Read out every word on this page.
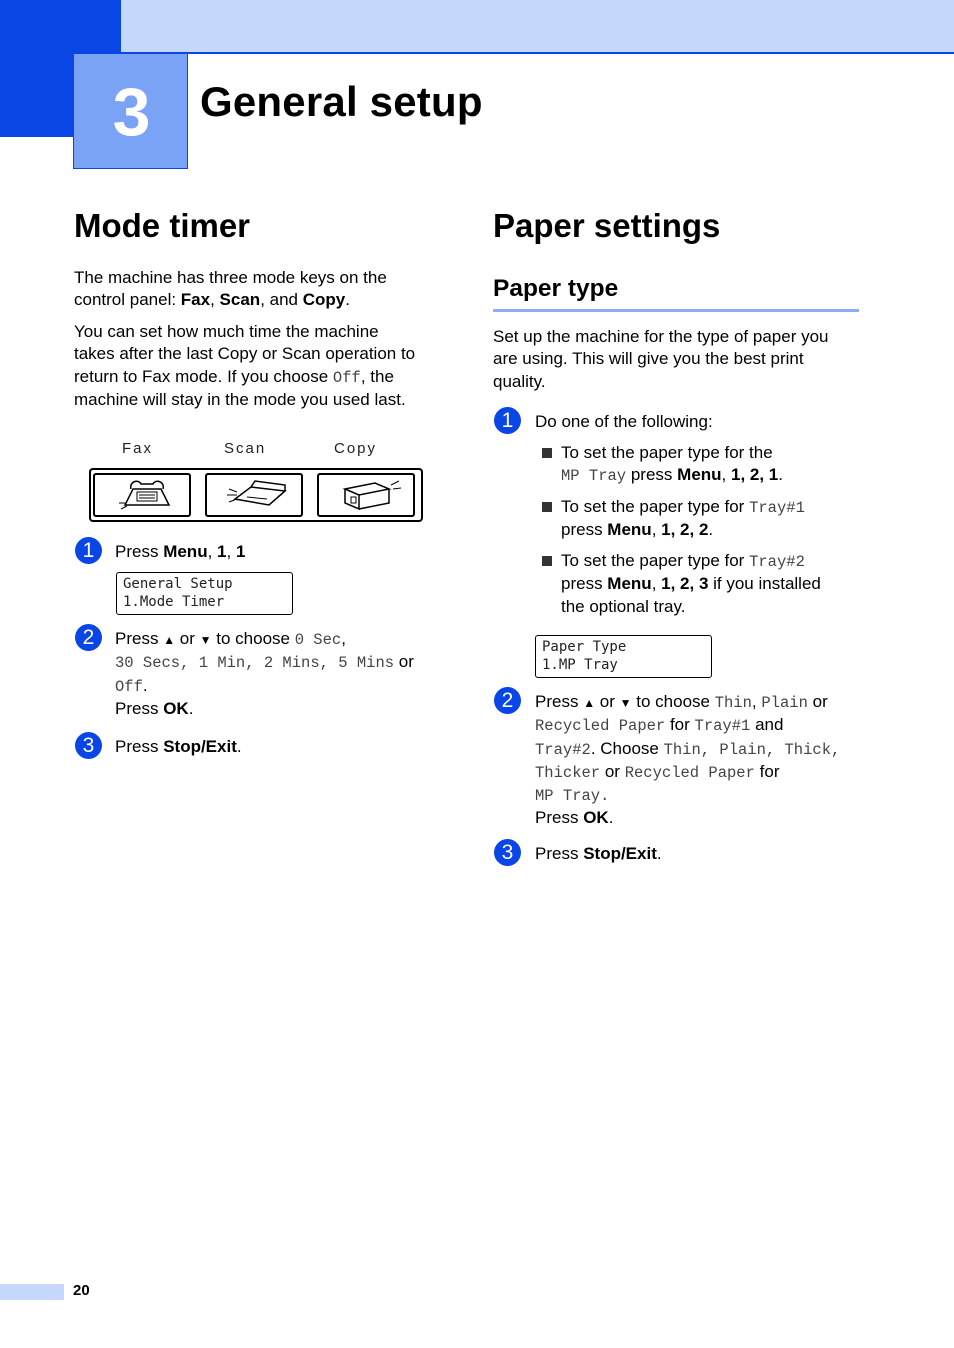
3	General setup
Mode timer
The machine has three mode keys on the
control panel: Fax, Scan, and Copy.
You can set how much time the machine
takes after the last Copy or Scan operation to
return to Fax mode. If you choose Off, the
machine will stay in the mode you used last.
Fax	Scan	Copy
1	Press Menu, 1, 1
General Setup
1.Mode Timer
2	Press ▲ or ▼ to choose 0 Sec,
30 Secs, 1 Min, 2 Mins, 5 Mins or
Off.
Press OK.
3	Press Stop/Exit.
Paper settings
Paper type
Set up the machine for the type of paper you
are using. This will give you the best print
quality.
1	Do one of the following:
To set the paper type for the
MP Tray press Menu, 1, 2, 1.
To set the paper type for Tray#1
press Menu, 1, 2, 2.
To set the paper type for Tray#2
press Menu, 1, 2, 3 if you installed
the optional tray.
Paper Type
1.MP Tray
2	Press ▲ or ▼ to choose Thin, Plain or
Recycled Paper for Tray#1 and
Tray#2. Choose Thin, Plain, Thick,
Thicker or Recycled Paper for
MP Tray.
Press OK.
3	Press Stop/Exit.
20
